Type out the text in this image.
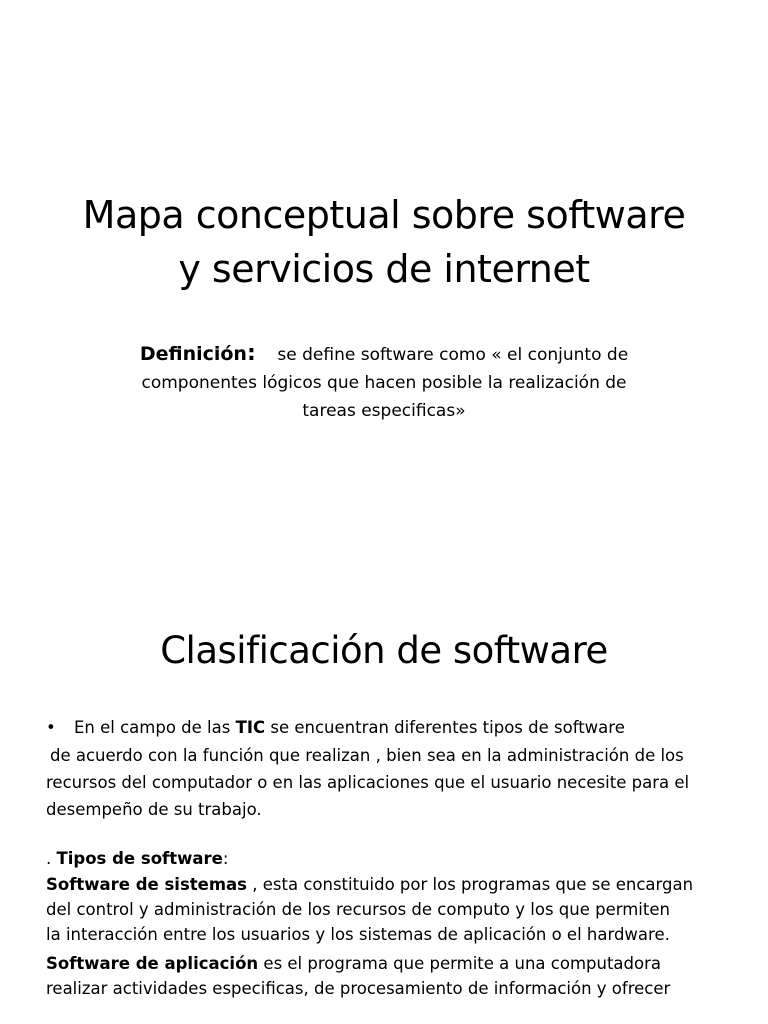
Mapa conceptual sobre software
y servicios de internet
Definición: se define software como « el conjunto de
componentes lógicos que hacen posible la realización de
tareas especificas»
Clasificación de software
• En el campo de las TIC se encuentran diferentes tipos de software
de acuerdo con la función que realizan , bien sea en la administración de los
recursos del computador o en las aplicaciones que el usuario necesite para el
desempeño de su trabajo.
. Tipos de software:
Software de sistemas , esta constituido por los programas que se encargan
del control y administración de los recursos de computo y los que permiten
la interacción entre los usuarios y los sistemas de aplicación o el hardware.
Software de aplicación es el programa que permite a una computadora
realizar actividades especificas, de procesamiento de información y ofrecer
